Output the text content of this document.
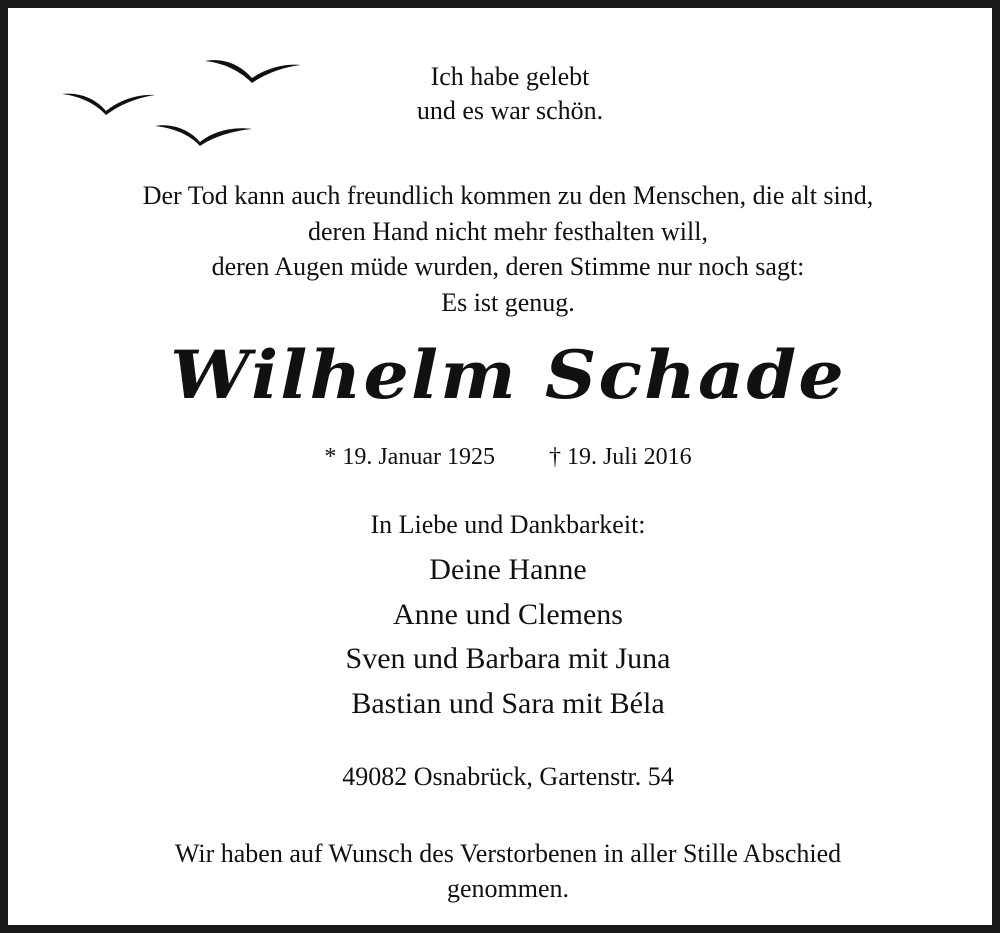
Ich habe gelebt
und es war schön.

Der Tod kann auch freundlich kommen zu den Menschen, die alt sind,
deren Hand nicht mehr festhalten will,
deren Augen müde wurden, deren Stimme nur noch sagt:
Es ist genug.

Wilhelm Schade

* 19. Januar 1925 † 19. Juli 2016

In Liebe und Dankbarkeit:

Deine Hanne
Anne und Clemens
Sven und Barbara mit Juna
Bastian und Sara mit Béla

49082 Osnabrück, Gartenstr. 54

Wir haben auf Wunsch des Verstorbenen in aller Stille Abschied
genommen.
